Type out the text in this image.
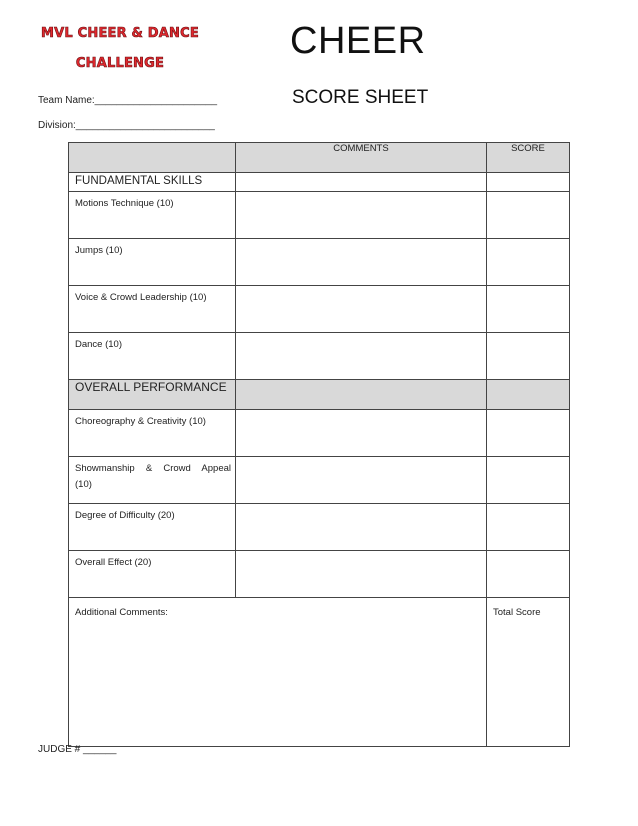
MVL CHEER & DANCE
CHALLENGE
CHEER
SCORE SHEET
Team Name:______________________
Division:_________________________
	COMMENTS	SCORE
FUNDAMENTAL SKILLS		
Motions Technique (10)		
Jumps (10)		
Voice & Crowd Leadership (10)		
Dance (10)		
OVERALL PERFORMANCE		
Choreography & Creativity (10)		
Showmanship & Crowd Appeal (10)		
Degree of Difficulty (20)		
Overall Effect (20)		
Additional Comments:		Total Score
JUDGE # ______
